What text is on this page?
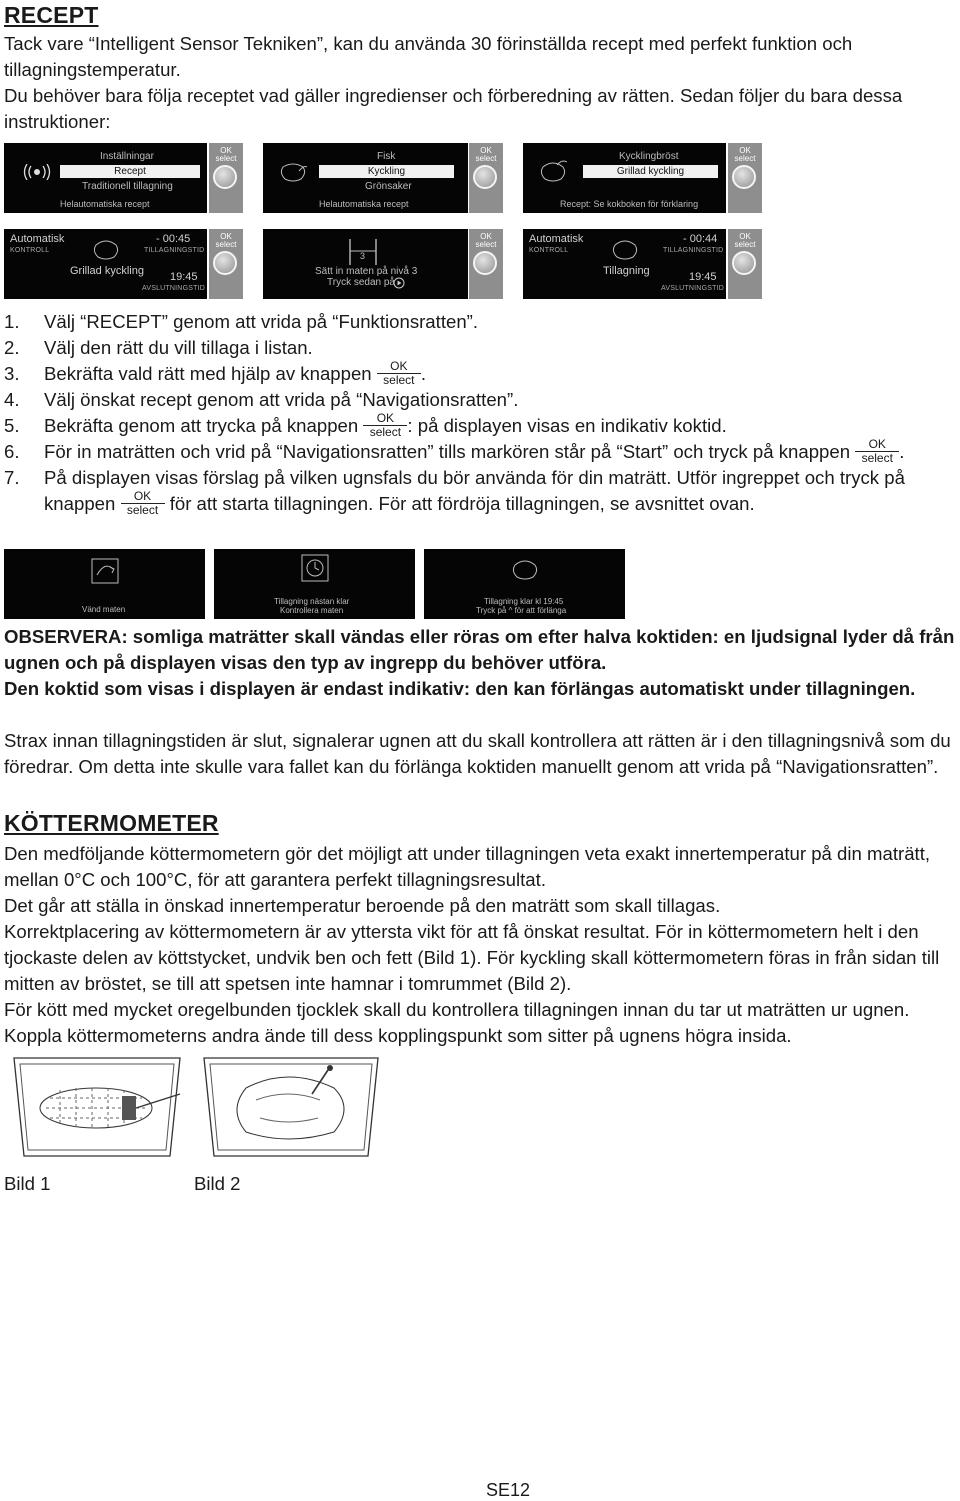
RECEPT
Tack vare “Intelligent Sensor Tekniken”, kan du använda 30 förinställda recept med perfekt funktion och tillagningstemperatur.
Du behöver bara följa receptet vad gäller ingredienser och förberedning av rätten. Sedan följer du bara dessa instruktioner:
Inställningar
Recept
Traditionell tillagning
Helautomatiska recept
OK
select	Fisk
Kyckling
Grönsaker
Helautomatiska recept
OK
select	Kycklingbröst
Grillad kyckling
Recept: Se kokboken för förklaring
OK
select
Automatisk
KONTROLL
- 00:45
TILLAGNINGSTID
Grillad kyckling 19:45
AVSLUTNINGSTID
OK
select
3
Sätt in maten på nivå 3
Tryck sedan på
OK
select	Automatisk
KONTROLL
- 00:44
TILLAGNINGSTID
Tillagning	19:45
AVSLUTNINGSTID
OK
select
1. Välj “RECEPT” genom att vrida på “Funktionsratten”.
2. Välj den rätt du vill tillaga i listan.
3. Bekräfta vald rätt med hjälp av knappen	OK
select .
4. Välj önskat recept genom att vrida på “Navigationsratten”.
5. Bekräfta genom att trycka på knappen	OK
select : på displayen visas en indikativ koktid.
6. För in maträtten och vrid på “Navigationsratten” tills markören står på “Start” och tryck på knappen	OK
select .
7. På displayen visas förslag på vilken ugnsfals du bör använda för din maträtt. Utför ingreppet och tryck på knappen	OK
select för att starta tillagningen. För att fördröja tillagningen, se avsnittet ovan.
Vänd maten
Tillagning nästan klar
Kontrollera maten
Tillagning klar kl 19:45
Tryck på ^ för att förlänga
OBSERVERA: somliga maträtter skall vändas eller röras om efter halva koktiden: en ljudsignal lyder då från ugnen och på displayen visas den typ av ingrepp du behöver utföra.
Den koktid som visas i displayen är endast indikativ: den kan förlängas automatiskt under tillagningen.
Strax innan tillagningstiden är slut, signalerar ugnen att du skall kontrollera att rätten är i den tillagningsnivå som du föredrar. Om detta inte skulle vara fallet kan du förlänga koktiden manuellt genom att vrida på “Navigationsratten”.
KÖTTERMOMETER
Den medföljande köttermometern gör det möjligt att under tillagningen veta exakt innertemperatur på din maträtt, mellan 0°C och 100°C, för att garantera perfekt tillagningsresultat.
Det går att ställa in önskad innertemperatur beroende på den maträtt som skall tillagas.
Korrektplacering av köttermometern är av yttersta vikt för att få önskat resultat. För in köttermometern helt i den tjockaste delen av köttstycket, undvik ben och fett (Bild 1). För kyckling skall köttermometern föras in från sidan till mitten av bröstet, se till att spetsen inte hamnar i tomrummet (Bild 2).
För kött med mycket oregelbunden tjocklek skall du kontrollera tillagningen innan du tar ut maträtten ur ugnen. Koppla köttermometerns andra ände till dess kopplingspunkt som sitter på ugnens högra insida.
Bild 1	Bild 2
SE12
